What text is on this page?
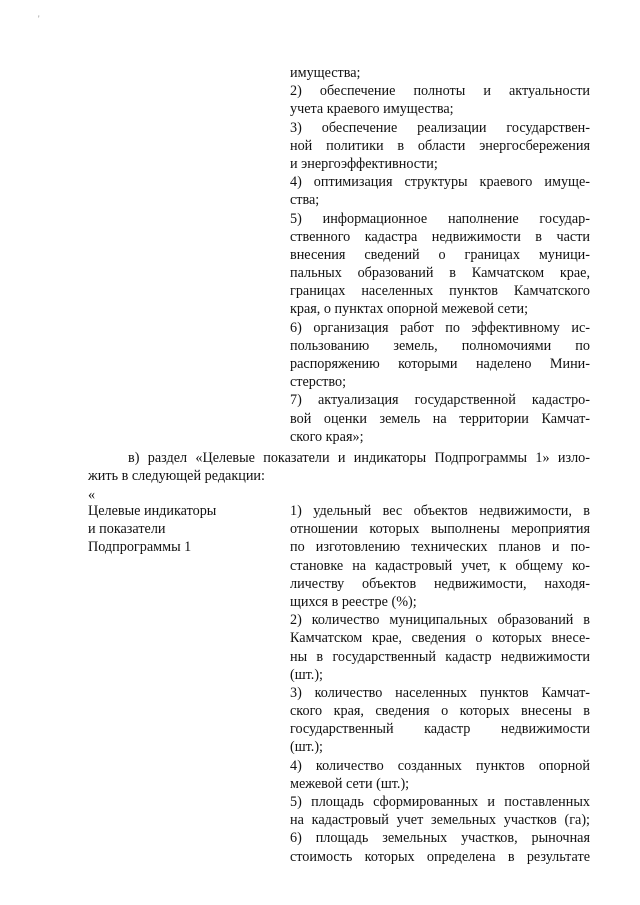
'
имущества;
2) обеспечение полноты и актуальности
учета краевого имущества;
3) обеспечение реализации государствен-
ной политики в области энергосбережения
и энергоэффективности;
4) оптимизация структуры краевого имуще-
ства;
5) информационное наполнение государ-
ственного кадастра недвижимости в части
внесения сведений о границах муници-
пальных образований в Камчатском крае,
границах населенных пунктов Камчатского
края, о пунктах опорной межевой сети;
6) организация работ по эффективному ис-
пользованию земель, полномочиями по
распоряжению которыми наделено Мини-
стерство;
7) актуализация государственной кадастро-
вой оценки земель на территории Камчат-
ского края»;
в) раздел «Целевые показатели и индикаторы Подпрограммы 1» изло-
жить в следующей редакции:
«
Целевые индикаторы
и показатели
Подпрограммы 1
1) удельный вес объектов недвижимости, в
отношении которых выполнены мероприятия
по изготовлению технических планов и по-
становке на кадастровый учет, к общему ко-
личеству объектов недвижимости, находя-
щихся в реестре (%);
2) количество муниципальных образований в
Камчатском крае, сведения о которых внесе-
ны в государственный кадастр недвижимости
(шт.);
3) количество населенных пунктов Камчат-
ского края, сведения о которых внесены в
государственный кадастр недвижимости
(шт.);
4) количество созданных пунктов опорной
межевой сети (шт.);
5) площадь сформированных и поставленных
на кадастровый учет земельных участков (га);
6) площадь земельных участков, рыночная
стоимость которых определена в результате
